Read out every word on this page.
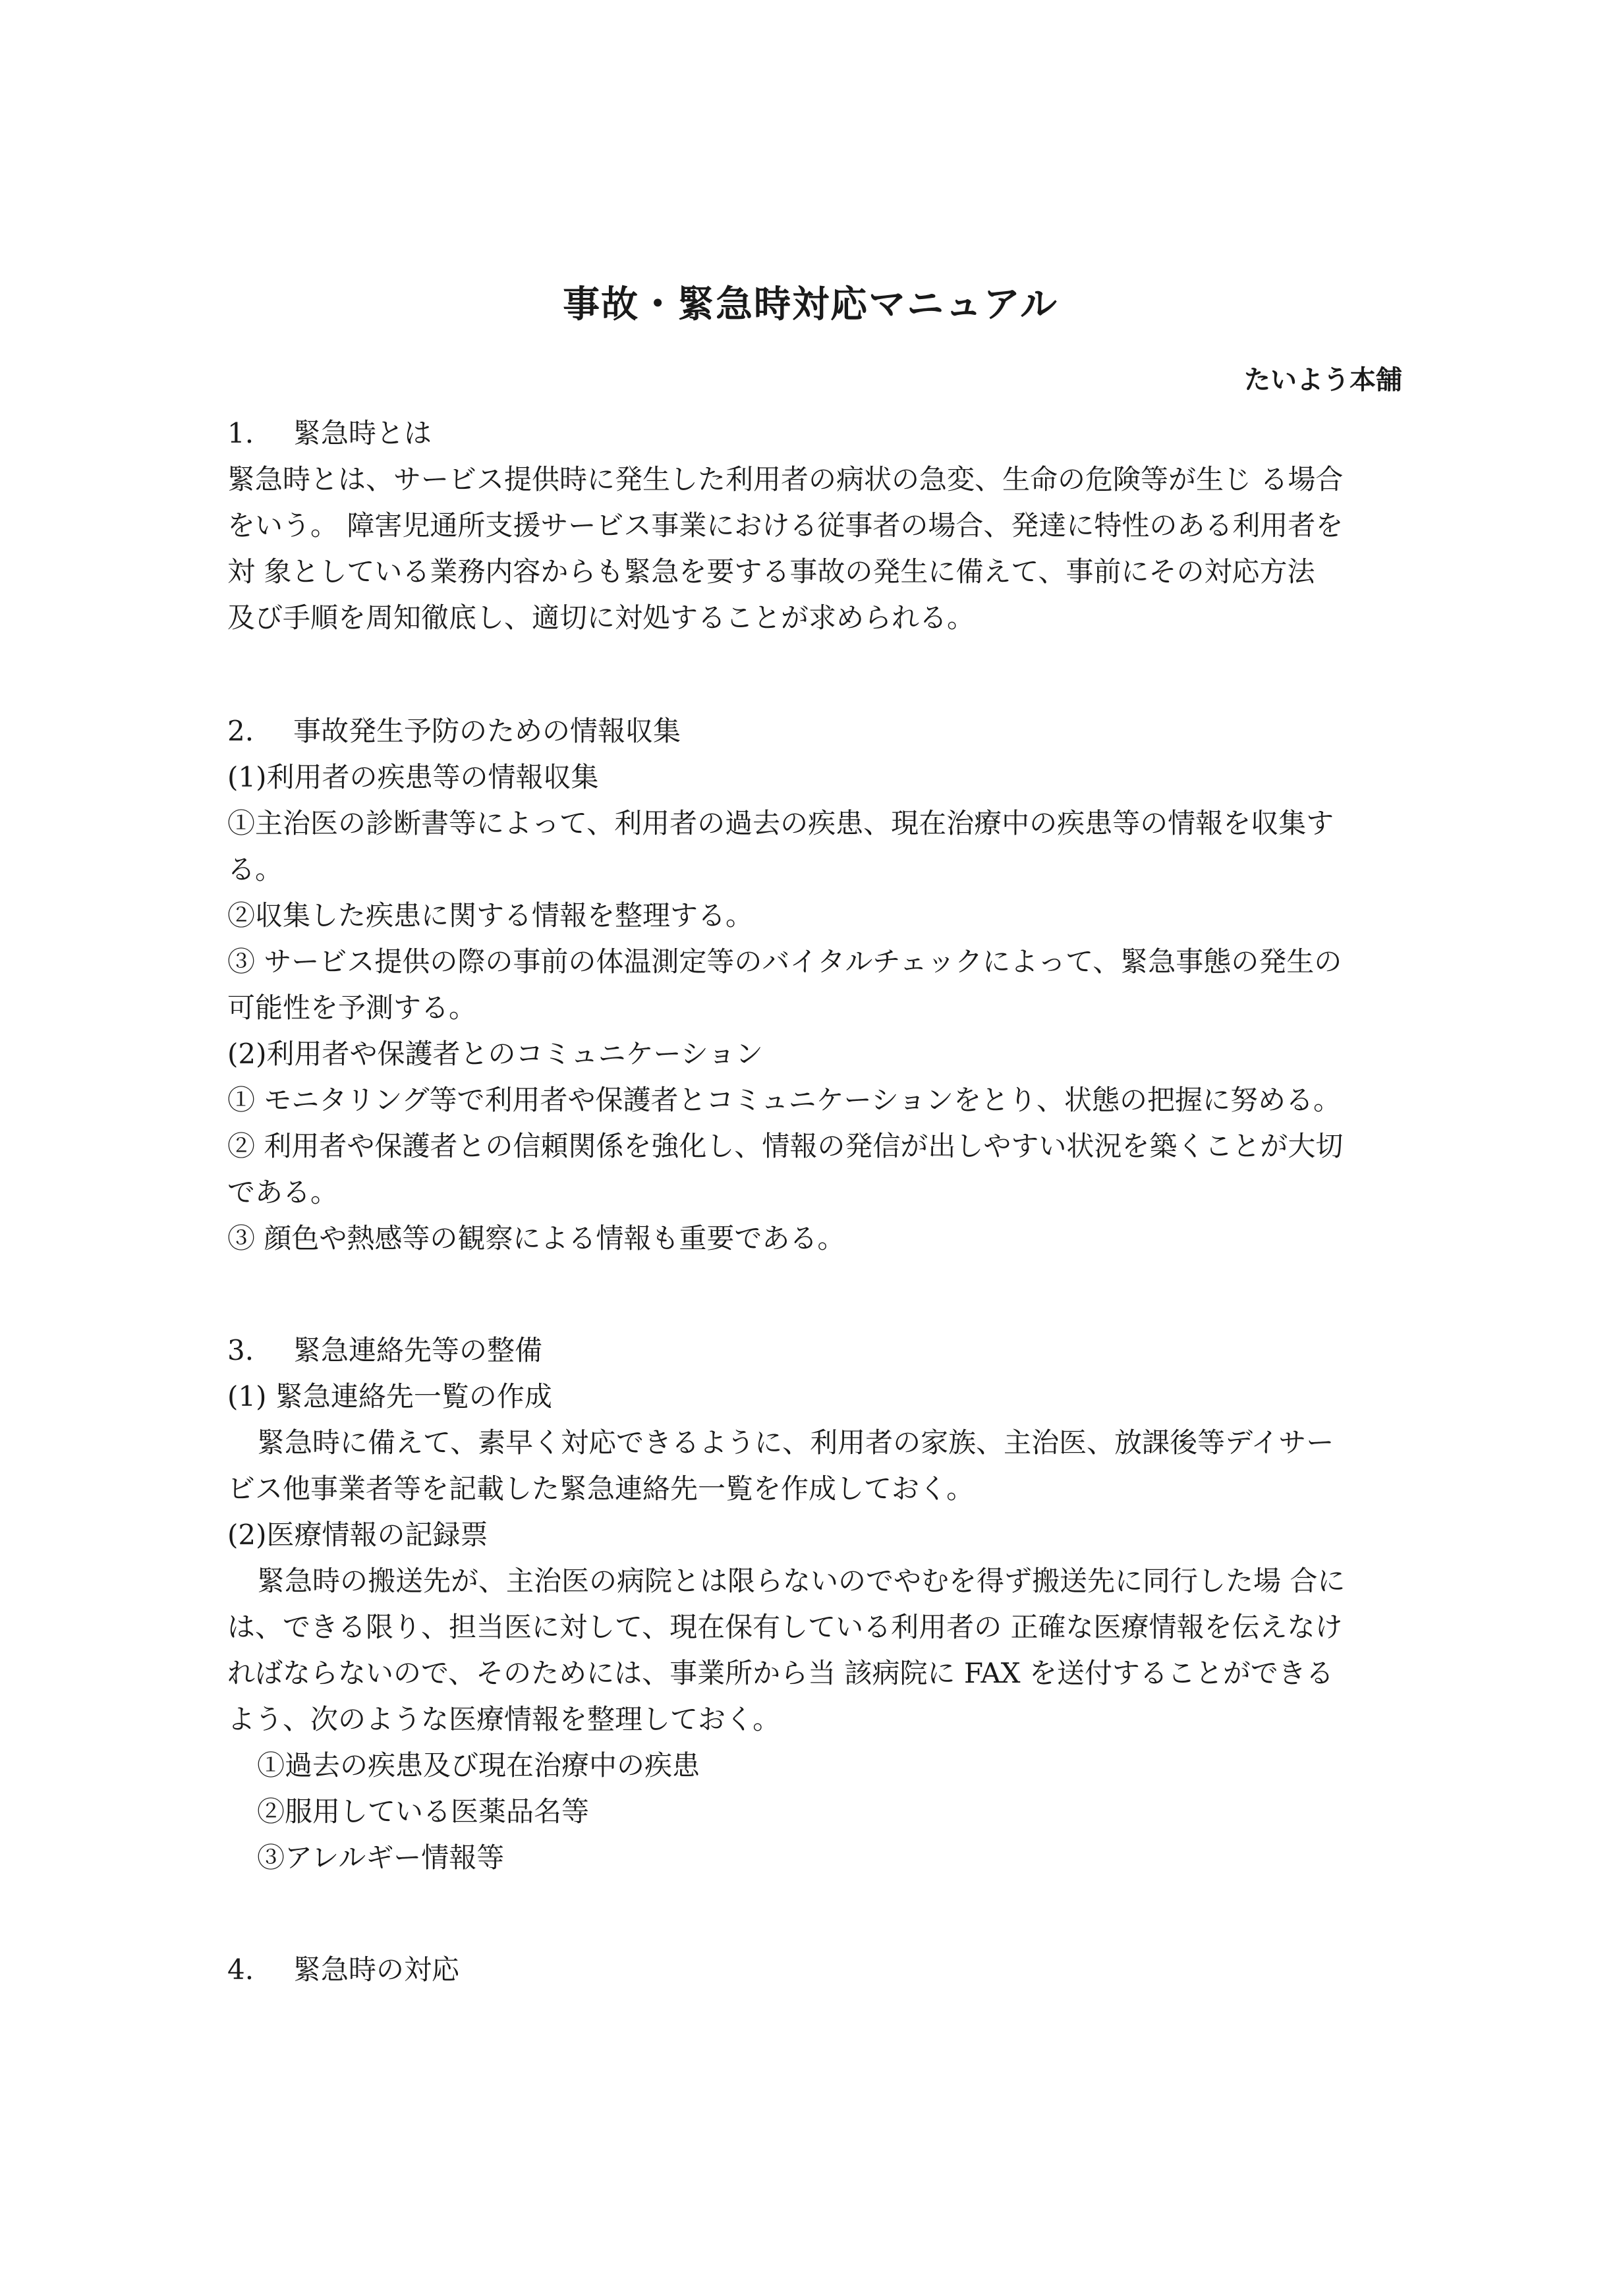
事故・緊急時対応マニュアル
たいよう本舗
1. 緊急時とは
緊急時とは、サービス提供時に発生した利用者の病状の急変、生命の危険等が生じ る場合
をいう。 障害児通所支援サービス事業における従事者の場合、発達に特性のある利用者を
対 象としている業務内容からも緊急を要する事故の発生に備えて、事前にその対応方法
及び手順を周知徹底し、適切に対処することが求められる。
2. 事故発生予防のための情報収集
(1)利用者の疾患等の情報収集
①主治医の診断書等によって、利用者の過去の疾患、現在治療中の疾患等の情報を収集す
る。
②収集した疾患に関する情報を整理する。
③ サービス提供の際の事前の体温測定等のバイタルチェックによって、緊急事態の発生の
可能性を予測する。
(2)利用者や保護者とのコミュニケーション
① モニタリング等で利用者や保護者とコミュニケーションをとり、状態の把握に努める。
② 利用者や保護者との信頼関係を強化し、情報の発信が出しやすい状況を築くことが大切
である。
③ 顔色や熱感等の観察による情報も重要である。
3. 緊急連絡先等の整備
(1) 緊急連絡先一覧の作成
緊急時に備えて、素早く対応できるように、利用者の家族、主治医、放課後等デイサー
ビス他事業者等を記載した緊急連絡先一覧を作成しておく。
(2)医療情報の記録票
緊急時の搬送先が、主治医の病院とは限らないのでやむを得ず搬送先に同行した場 合に
は、できる限り、担当医に対して、現在保有している利用者の 正確な医療情報を伝えなけ
ればならないので、そのためには、事業所から当 該病院に FAX を送付することができる
よう、次のような医療情報を整理しておく。
①過去の疾患及び現在治療中の疾患
②服用している医薬品名等
③アレルギー情報等
4. 緊急時の対応
